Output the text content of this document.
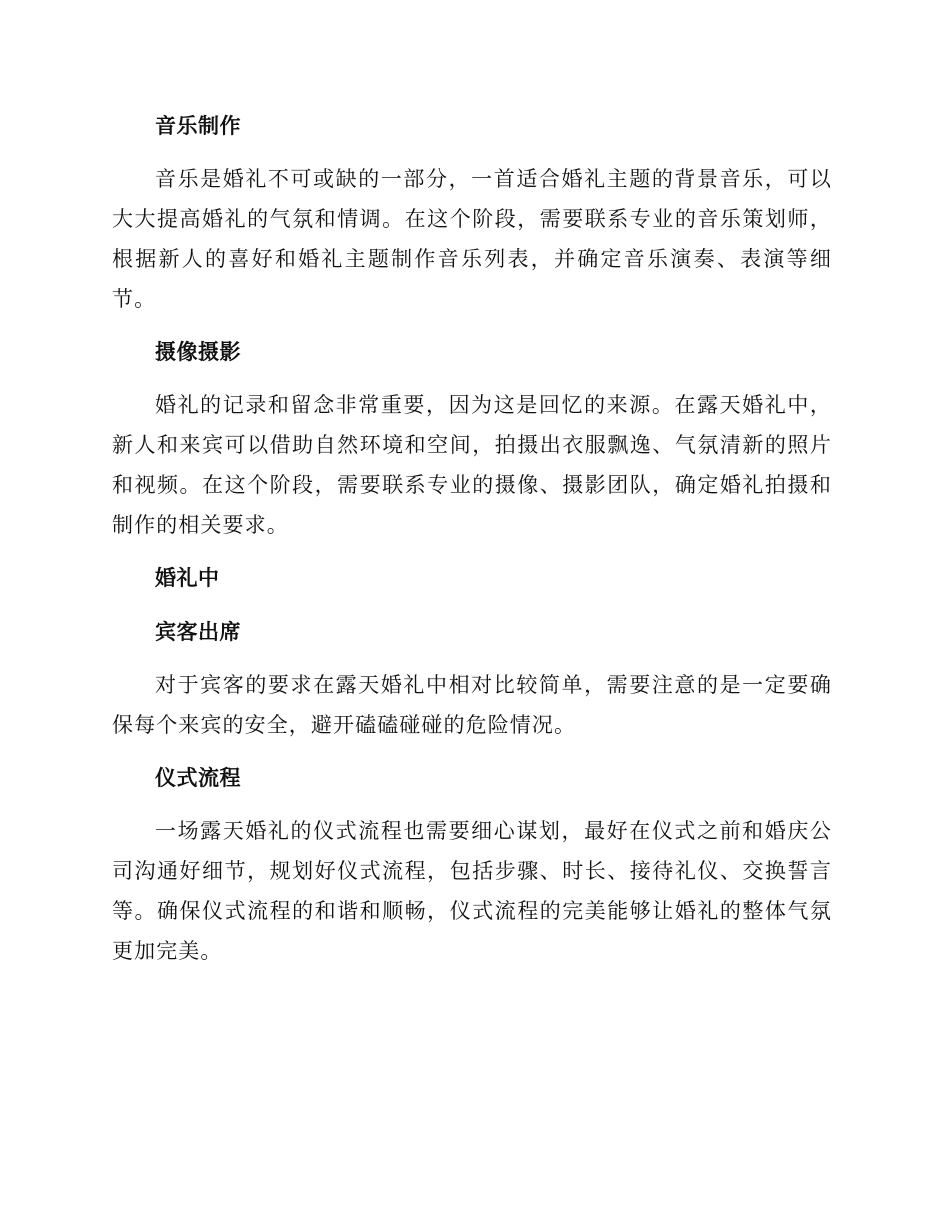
音乐制作

音乐是婚礼不可或缺的一部分，一首适合婚礼主题的背景音乐，可以大大提高婚礼的气氛和情调。在这个阶段，需要联系专业的音乐策划师，根据新人的喜好和婚礼主题制作音乐列表，并确定音乐演奏、表演等细节。

摄像摄影

婚礼的记录和留念非常重要，因为这是回忆的来源。在露天婚礼中，新人和来宾可以借助自然环境和空间，拍摄出衣服飘逸、气氛清新的照片和视频。在这个阶段，需要联系专业的摄像、摄影团队，确定婚礼拍摄和制作的相关要求。

婚礼中
宾客出席

对于宾客的要求在露天婚礼中相对比较简单，需要注意的是一定要确保每个来宾的安全，避开磕磕碰碰的危险情况。

仪式流程

一场露天婚礼的仪式流程也需要细心谋划，最好在仪式之前和婚庆公司沟通好细节，规划好仪式流程，包括步骤、时长、接待礼仪、交换誓言等。确保仪式流程的和谐和顺畅，仪式流程的完美能够让婚礼的整体气氛更加完美。
